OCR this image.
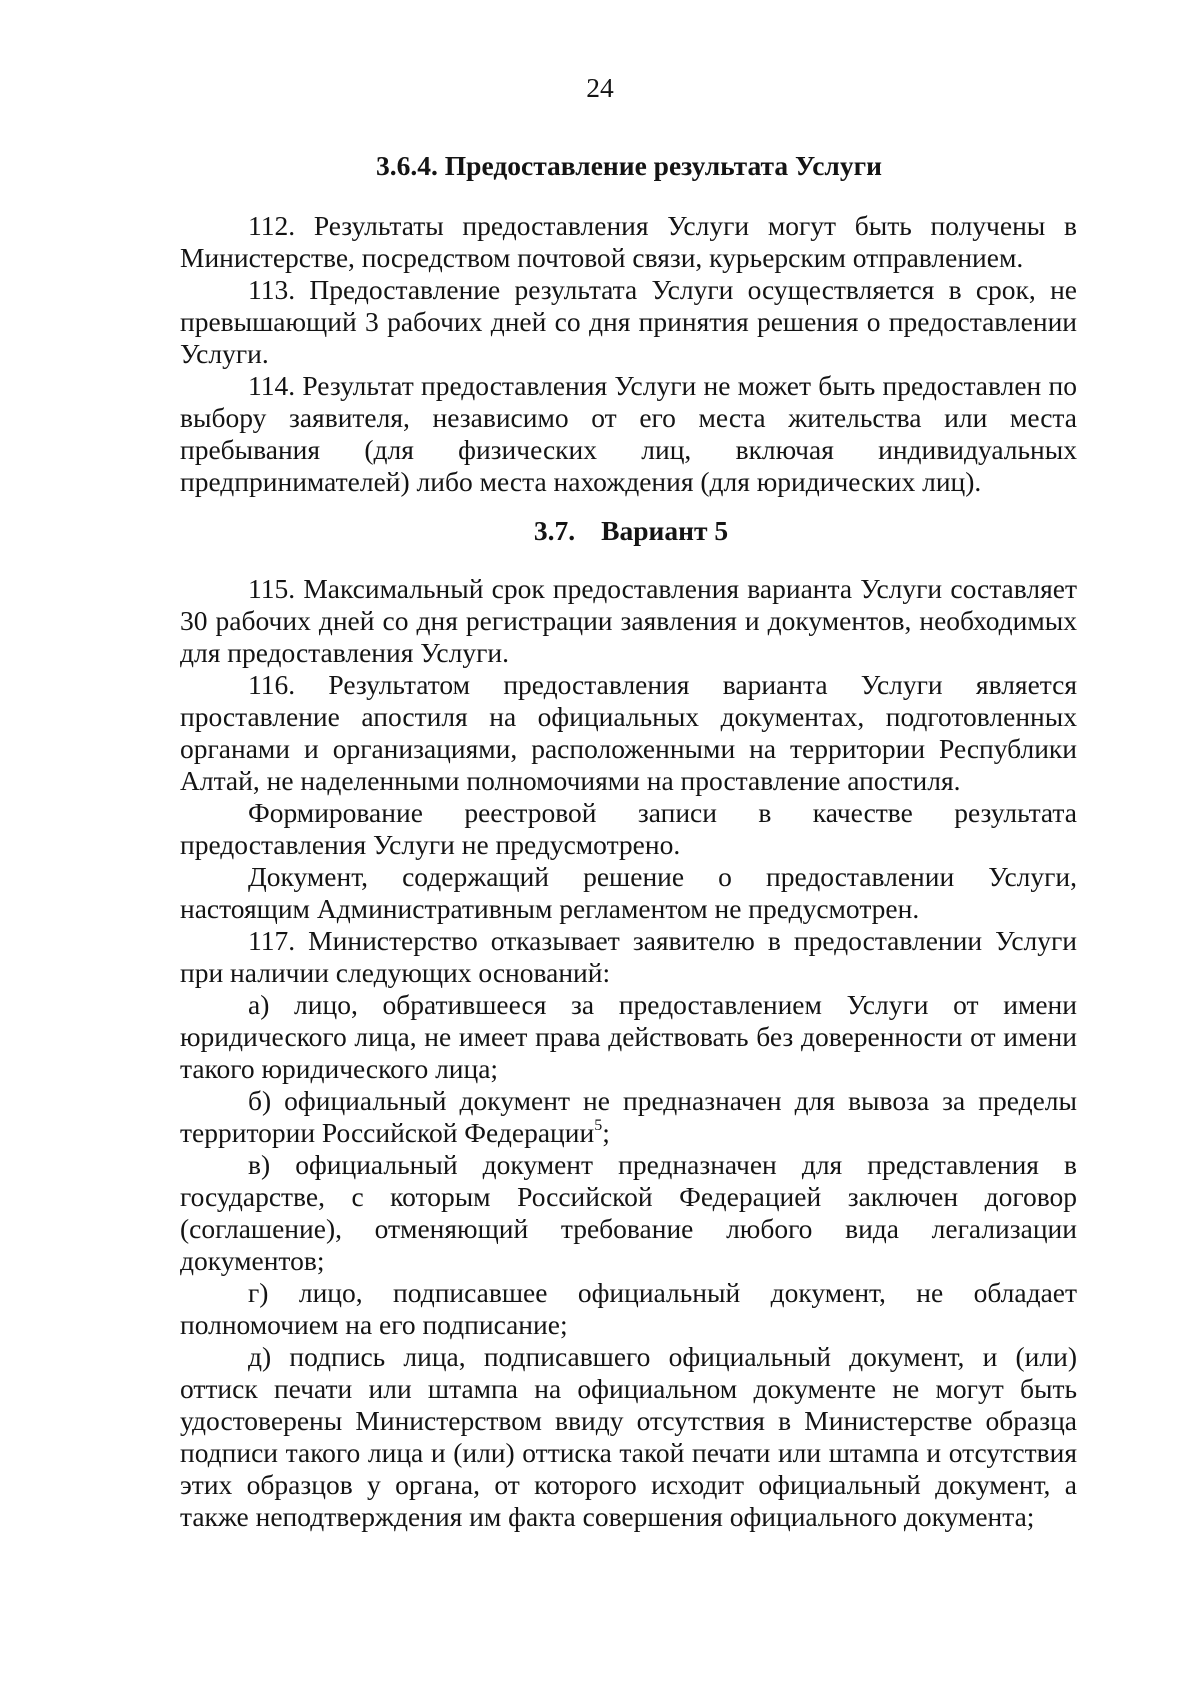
24
3.6.4. Предоставление результата Услуги

112. Результаты предоставления Услуги могут быть получены в Министерстве, посредством почтовой связи, курьерским отправлением.

113. Предоставление результата Услуги осуществляется в срок, не превышающий 3 рабочих дней со дня принятия решения о предоставлении Услуги.

114. Результат предоставления Услуги не может быть предоставлен по выбору заявителя, независимо от его места жительства или места пребывания (для физических лиц, включая индивидуальных предпринимателей) либо места нахождения (для юридических лиц).

3.7. Вариант 5

115. Максимальный срок предоставления варианта Услуги составляет 30 рабочих дней со дня регистрации заявления и документов, необходимых для предоставления Услуги.

116. Результатом предоставления варианта Услуги является проставление апостиля на официальных документах, подготовленных органами и организациями, расположенными на территории Республики Алтай, не наделенными полномочиями на проставление апостиля.

Формирование реестровой записи в качестве результата предоставления Услуги не предусмотрено.

Документ, содержащий решение о предоставлении Услуги, настоящим Административным регламентом не предусмотрен.

117. Министерство отказывает заявителю в предоставлении Услуги при наличии следующих оснований:

а) лицо, обратившееся за предоставлением Услуги от имени юридического лица, не имеет права действовать без доверенности от имени такого юридического лица;

б) официальный документ не предназначен для вывоза за пределы территории Российской Федерации$^5$;

в) официальный документ предназначен для представления в государстве, с которым Российской Федерацией заключен договор (соглашение), отменяющий требование любого вида легализации документов;

г) лицо, подписавшее официальный документ, не обладает полномочием на его подписание;

д) подпись лица, подписавшего официальный документ, и (или) оттиск печати или штампа на официальном документе не могут быть удостоверены Министерством ввиду отсутствия в Министерстве образца подписи такого лица и (или) оттиска такой печати или штампа и отсутствия этих образцов у органа, от которого исходит официальный документ, а также неподтверждения им факта совершения официального документа;
